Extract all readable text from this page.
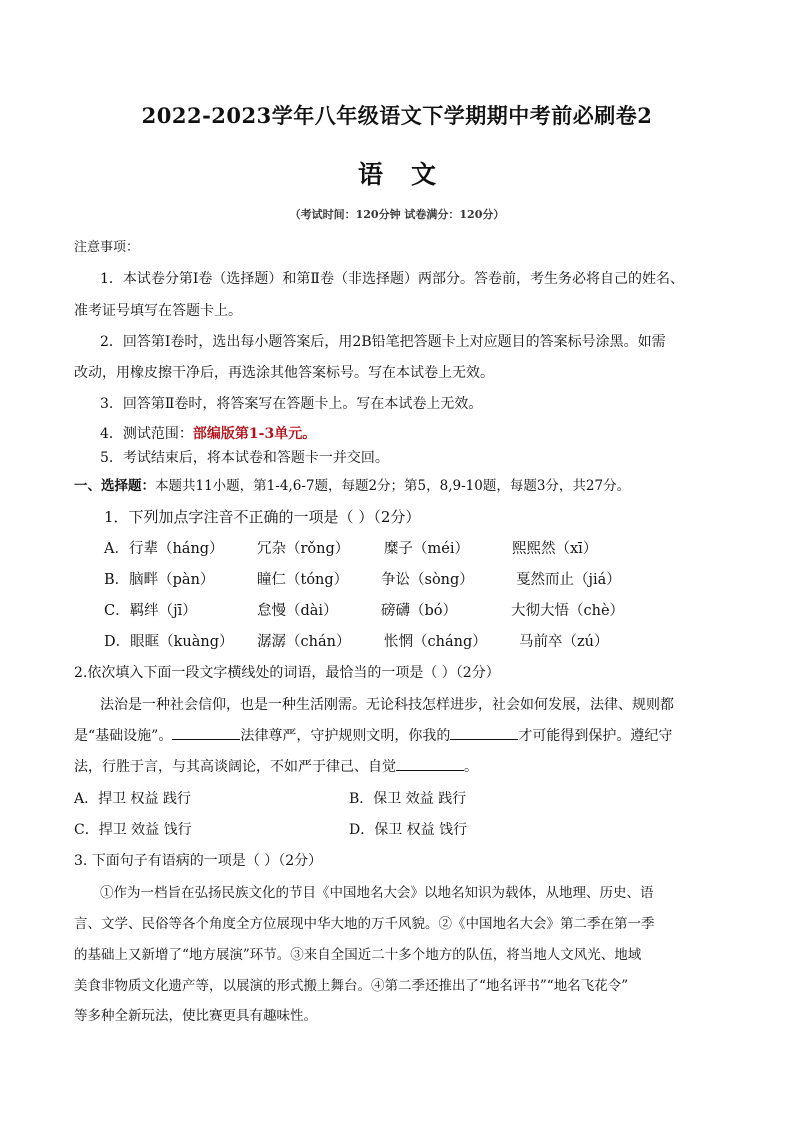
2022-2023学年八年级语文下学期期中考前必刷卷2
语文
（考试时间：120分钟 试卷满分：120分）
注意事项：
1．本试卷分第Ⅰ卷（选择题）和第Ⅱ卷（非选择题）两部分。答卷前，考生务必将自己的姓名、
准考证号填写在答题卡上。
2．回答第Ⅰ卷时，选出每小题答案后，用2B铅笔把答题卡上对应题目的答案标号涂黑。如需
改动，用橡皮擦干净后，再选涂其他答案标号。写在本试卷上无效。
3．回答第Ⅱ卷时，将答案写在答题卡上。写在本试卷上无效。
4．测试范围：部编版第1-3单元。
5．考试结束后，将本试卷和答题卡一并交回。
一、选择题：本题共11小题，第1-4,6-7题，每题2分；第5，8,9-10题，每题3分，共27分。
1．下列加点字注音不正确的一项是（ ）（2分）
A．行辈（háng） 冗杂（rǒng） 糜子（méi）	熙熙然（xī）
B．脑畔（pàn）	瞳仁（tóng） 争讼（sòng）	戛然而止（jiá）
C．羁绊（jī）	怠慢（dài）	磅礴（bó）	大彻大悟（chè）
D．眼眶（kuàng） 潺潺（chán） 怅惘（cháng） 马前卒（zú）
2.依次填入下面一段文字横线处的词语，最恰当的一项是（ ）（2分）
法治是一种社会信仰，也是一种生活刚需。无论科技怎样进步，社会如何发展，法律、规则都
是“基础设施”。	法律尊严，守护规则文明，你我的	才可能得到保护。遵纪守
法，行胜于言，与其高谈阔论，不如严于律己、自觉	。
A．捍卫 权益 践行	B．保卫 效益 践行
C．捍卫 效益 饯行	D．保卫 权益 饯行
3. 下面句子有语病的一项是（ ）（2分）
①作为一档旨在弘扬民族文化的节目《中国地名大会》以地名知识为载体，从地理、历史、语
言、文学、民俗等各个角度全方位展现中华大地的万千风貌。②《中国地名大会》第二季在第一季
的基础上又新增了“地方展演”环节。③来自全国近二十多个地方的队伍，将当地人文风光、地域
美食非物质文化遗产等，以展演的形式搬上舞台。④第二季还推出了“地名评书”“地名飞花令”
等多种全新玩法，使比赛更具有趣味性。
